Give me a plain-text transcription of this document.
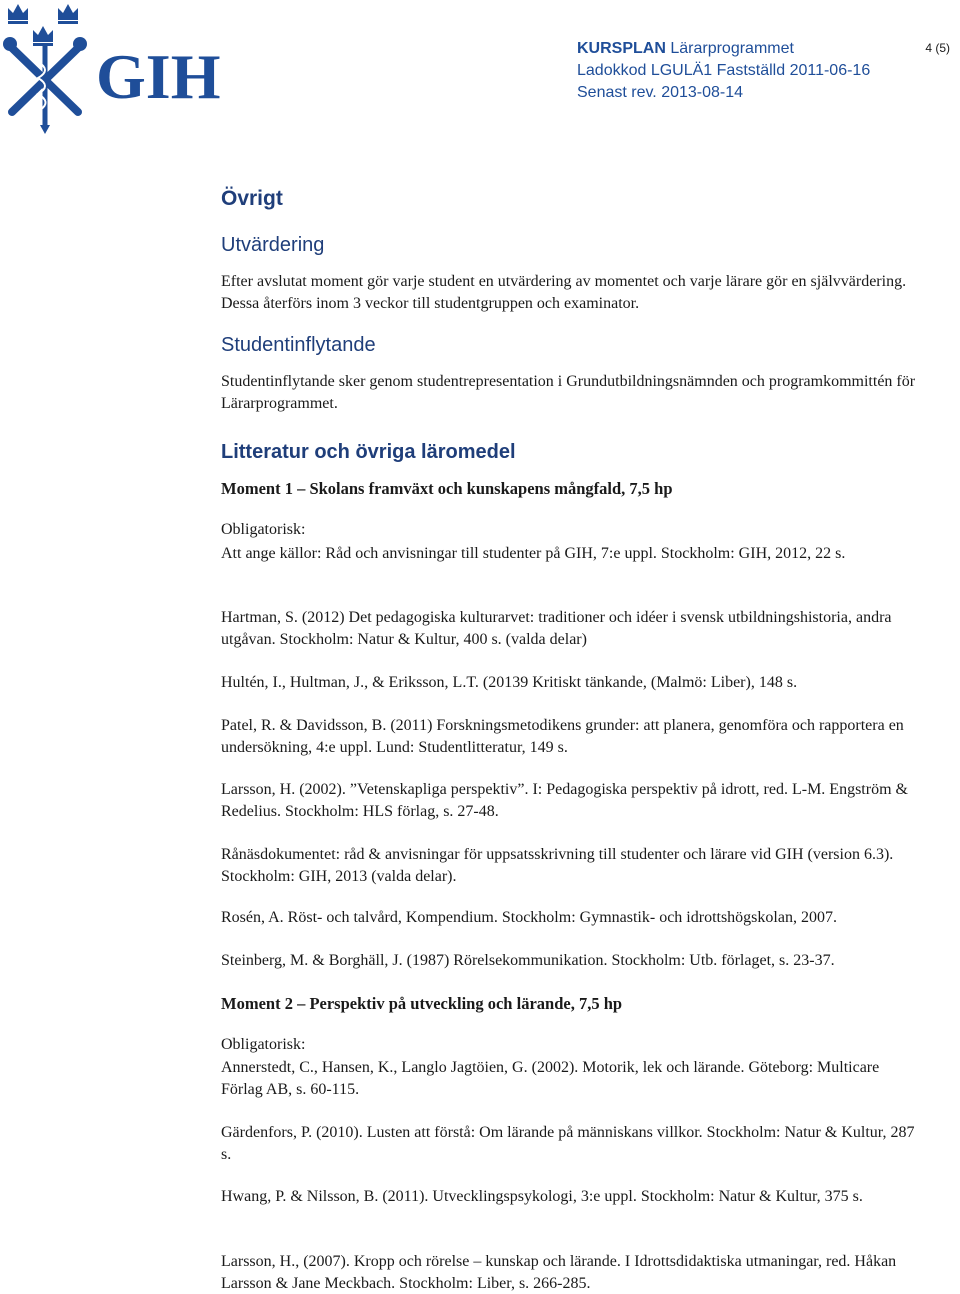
GIH	KURSPLAN Lärarprogrammet
Ladokkod LGULÄ1 Fastställd 2011-06-16
Senast rev. 2013-08-14
4 (5)
Övrigt
Utvärdering
Efter avslutat moment gör varje student en utvärdering av momentet och varje lärare gör en självvärdering. Dessa återförs inom 3 veckor till studentgruppen och examinator.
Studentinflytande
Studentinflytande sker genom studentrepresentation i Grundutbildningsnämnden och programkommittén för Lärarprogrammet.
Litteratur och övriga läromedel
Moment 1 – Skolans framväxt och kunskapens mångfald, 7,5 hp
Obligatorisk:
Att ange källor: Råd och anvisningar till studenter på GIH, 7:e uppl. Stockholm: GIH, 2012, 22 s.
Hartman, S. (2012) Det pedagogiska kulturarvet: traditioner och idéer i svensk utbildningshistoria, andra utgåvan. Stockholm: Natur & Kultur, 400 s. (valda delar)
Hultén, I., Hultman, J., & Eriksson, L.T. (20139 Kritiskt tänkande, (Malmö: Liber), 148 s.
Patel, R. & Davidsson, B. (2011) Forskningsmetodikens grunder: att planera, genomföra och rapportera en undersökning, 4:e uppl. Lund: Studentlitteratur, 149 s.
Larsson, H. (2002). ”Vetenskapliga perspektiv”. I: Pedagogiska perspektiv på idrott, red. L-M. Engström & Redelius. Stockholm: HLS förlag, s. 27-48.
Rånäsdokumentet: råd & anvisningar för uppsatsskrivning till studenter och lärare vid GIH (version 6.3). Stockholm: GIH, 2013 (valda delar).
Rosén, A. Röst- och talvård, Kompendium. Stockholm: Gymnastik- och idrottshögskolan, 2007.
Steinberg, M. & Borghäll, J. (1987) Rörelsekommunikation. Stockholm: Utb. förlaget, s. 23-37.
Moment 2 – Perspektiv på utveckling och lärande, 7,5 hp
Obligatorisk:
Annerstedt, C., Hansen, K., Langlo Jagtöien, G. (2002). Motorik, lek och lärande. Göteborg: Multicare Förlag AB, s. 60-115.
Gärdenfors, P. (2010). Lusten att förstå: Om lärande på människans villkor. Stockholm: Natur & Kultur, 287 s.
Hwang, P. & Nilsson, B. (2011). Utvecklingspsykologi, 3:e uppl. Stockholm: Natur & Kultur, 375 s.
Larsson, H., (2007). Kropp och rörelse – kunskap och lärande. I Idrottsdidaktiska utmaningar, red. Håkan Larsson & Jane Meckbach. Stockholm: Liber, s. 266-285.
